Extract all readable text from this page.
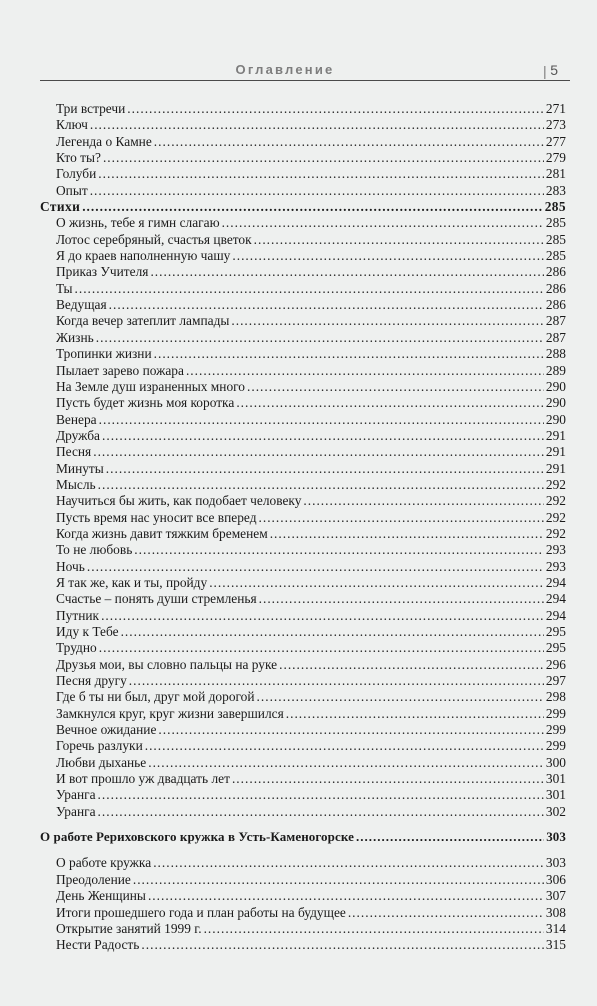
Оглавление	| 5
Три встречи .....	271
Ключ .....	273
Легенда о Камне .....	277
Кто ты? .....	279
Голуби .....	281
Опыт .....	283
Стихи .....	285
О жизнь, тебе я гимн слагаю .....	285
Лотос серебряный, счастья цветок .....	285
Я до краев наполненную чашу .....	285
Приказ Учителя .....	286
Ты .....	286
Ведущая .....	286
Когда вечер затеплит лампады .....	287
Жизнь .....	287
Тропинки жизни .....	288
Пылает зарево пожара .....	289
На Земле душ израненных много .....	290
Пусть будет жизнь моя коротка .....	290
Венера .....	290
Дружба .....	291
Песня .....	291
Минуты .....	291
Мысль .....	292
Научиться бы жить, как подобает человеку .....	292
Пусть время нас уносит все вперед .....	292
Когда жизнь давит тяжким бременем .....	292
То не любовь .....	293
Ночь .....	293
Я так же, как и ты, пройду .....	294
Счастье – понять души стремленья .....	294
Путник .....	294
Иду к Тебе .....	295
Трудно .....	295
Друзья мои, вы словно пальцы на руке .....	296
Песня другу .....	297
Где б ты ни был, друг мой дорогой .....	298
Замкнулся круг, круг жизни завершился .....	299
Вечное ожидание .....	299
Горечь разлуки .....	299
Любви дыханье .....	300
И вот прошло уж двадцать лет .....	301
Уранга .....	301
Уранга .....	302
О работе Рериховского кружка в Усть-Каменогорске .....	303
О работе кружка .....	303
Преодоление .....	306
День Женщины .....	307
Итоги прошедшего года и план работы на будущее .....	308
Открытие занятий 1999 г. .....	314
Нести Радость .....	315
